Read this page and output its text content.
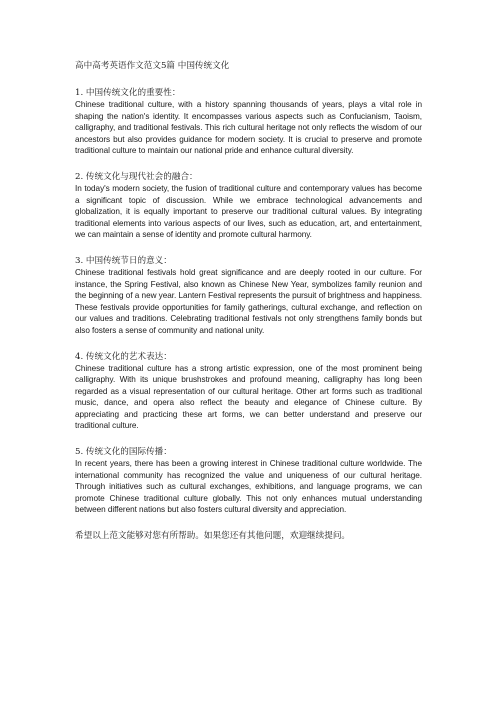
高中高考英语作文范文5篇 中国传统文化

1. 中国传统文化的重要性：

Chinese traditional culture, with a history spanning thousands of years, plays a vital role in shaping the nation's identity. It encompasses various aspects such as Confucianism, Taoism, calligraphy, and traditional festivals. This rich cultural heritage not only reflects the wisdom of our ancestors but also provides guidance for modern society. It is crucial to preserve and promote traditional culture to maintain our national pride and enhance cultural diversity.

2. 传统文化与现代社会的融合：

In today's modern society, the fusion of traditional culture and contemporary values has become a significant topic of discussion. While we embrace technological advancements and globalization, it is equally important to preserve our traditional cultural values. By integrating traditional elements into various aspects of our lives, such as education, art, and entertainment, we can maintain a sense of identity and promote cultural harmony.

3. 中国传统节日的意义：

Chinese traditional festivals hold great significance and are deeply rooted in our culture. For instance, the Spring Festival, also known as Chinese New Year, symbolizes family reunion and the beginning of a new year. Lantern Festival represents the pursuit of brightness and happiness. These festivals provide opportunities for family gatherings, cultural exchange, and reflection on our values and traditions. Celebrating traditional festivals not only strengthens family bonds but also fosters a sense of community and national unity.

4. 传统文化的艺术表达：

Chinese traditional culture has a strong artistic expression, one of the most prominent being calligraphy. With its unique brushstrokes and profound meaning, calligraphy has long been regarded as a visual representation of our cultural heritage. Other art forms such as traditional music, dance, and opera also reflect the beauty and elegance of Chinese culture. By appreciating and practicing these art forms, we can better understand and preserve our traditional culture.

5. 传统文化的国际传播：

In recent years, there has been a growing interest in Chinese traditional culture worldwide. The international community has recognized the value and uniqueness of our cultural heritage. Through initiatives such as cultural exchanges, exhibitions, and language programs, we can promote Chinese traditional culture globally. This not only enhances mutual understanding between different nations but also fosters cultural diversity and appreciation.

希望以上范文能够对您有所帮助。如果您还有其他问题，欢迎继续提问。
